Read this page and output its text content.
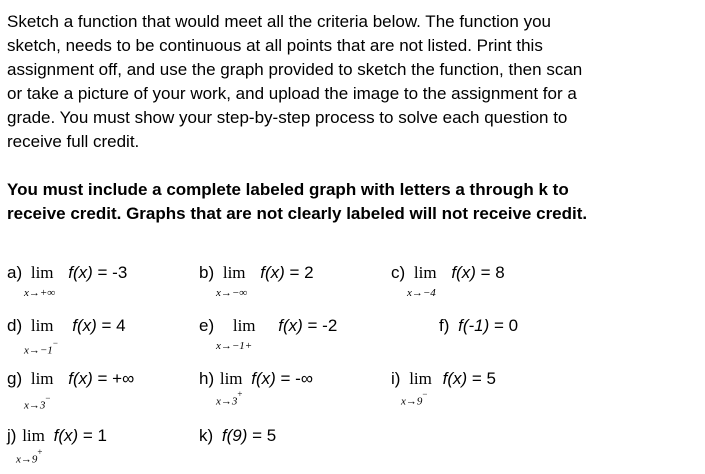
Sketch a function that would meet all the criteria below. The function you
sketch, needs to be continuous at all points that are not listed. Print this
assignment off, and use the graph provided to sketch the function, then scan
or take a picture of your work, and upload the image to the assignment for a
grade. You must show your step-by-step process to solve each question to
receive full credit.
You must include a complete labeled graph with letters a through k to
receive credit. Graphs that are not clearly labeled will not receive credit.
a) lim f(x) = -3
x→+∞
b) lim f(x) = 2
x→−∞
c) lim f(x) = 8
x→−4
d) lim f(x) = 4
x→−1−
e) lim f(x) = -2
x→−1+
f) f(-1) = 0
g) lim f(x) = +∞
x→3−
h) lim f(x) = -∞
x→3+
i) lim f(x) = 5
x→9−
j) lim f(x) = 1
x→9+
k) f(9) = 5
